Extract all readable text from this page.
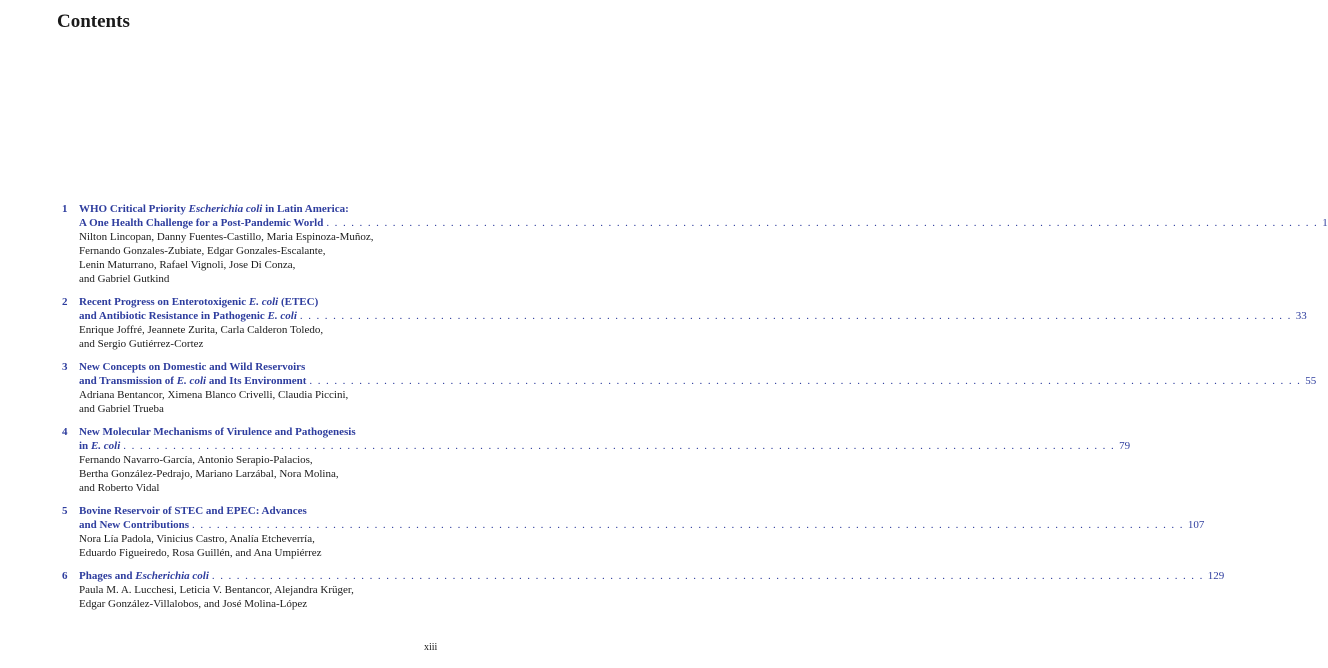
Contents
1 WHO Critical Priority Escherichia coli in Latin America:
A One Health Challenge for a Post-Pandemic World . . . . . . . . . . . . . . . . . . . . . . . . . . . . . . . . . . . . . . . . . . . . . . . . . . . . . . . . . . . . . . . . . . . . . . . . . . . . . . . . . . . . . . . . . . . . . . . . . . . . . . . . . . . . . . . . . . . . . . . . 1
Nilton Lincopan, Danny Fuentes-Castillo, Maria Espinoza-Muñoz,
Fernando Gonzales-Zubiate, Edgar Gonzales-Escalante,
Lenin Maturrano, Rafael Vignoli, Jose Di Conza,
and Gabriel Gutkind
2 Recent Progress on Enterotoxigenic E. coli (ETEC)
and Antibiotic Resistance in Pathogenic E. coli . . . . . . . . . . . . . . . . . . . . . . . . . . . . . . . . . . . . . . . . . . . . . . . . . . . . . . . . . . . . . . . . . . . . . . . . . . . . . . . . . . . . . . . . . . . . . . . . . . . . . . . . . . . . . . . . . . . . . . . . 33
Enrique Joffré, Jeannete Zurita, Carla Calderon Toledo,
and Sergio Gutiérrez-Cortez
3 New Concepts on Domestic and Wild Reservoirs
and Transmission of E. coli and Its Environment . . . . . . . . . . . . . . . . . . . . . . . . . . . . . . . . . . . . . . . . . . . . . . . . . . . . . . . . . . . . . . . . . . . . . . . . . . . . . . . . . . . . . . . . . . . . . . . . . . . . . . . . . . . . . . . . . . . . . . . . 55
Adriana Bentancor, Ximena Blanco Crivelli, Claudia Piccini,
and Gabriel Trueba
4 New Molecular Mechanisms of Virulence and Pathogenesis
in E. coli . . . . . . . . . . . . . . . . . . . . . . . . . . . . . . . . . . . . . . . . . . . . . . . . . . . . . . . . . . . . . . . . . . . . . . . . . . . . . . . . . . . . . . . . . . . . . . . . . . . . . . . . . . . . . . . . . . . . . . . . 79
Fernando Navarro-García, Antonio Serapio-Palacios,
Bertha González-Pedrajo, Mariano Larzábal, Nora Molina,
and Roberto Vidal
5 Bovine Reservoir of STEC and EPEC: Advances
and New Contributions . . . . . . . . . . . . . . . . . . . . . . . . . . . . . . . . . . . . . . . . . . . . . . . . . . . . . . . . . . . . . . . . . . . . . . . . . . . . . . . . . . . . . . . . . . . . . . . . . . . . . . . . . . . . . . . . . . . . . . . . 107
Nora Lía Padola, Vinicius Castro, Analía Etcheverría,
Eduardo Figueiredo, Rosa Guillén, and Ana Umpiérrez
6 Phages and Escherichia coli . . . . . . . . . . . . . . . . . . . . . . . . . . . . . . . . . . . . . . . . . . . . . . . . . . . . . . . . . . . . . . . . . . . . . . . . . . . . . . . . . . . . . . . . . . . . . . . . . . . . . . . . . . . . . . . . . . . . . . . . 129
Paula M. A. Lucchesi, Leticia V. Bentancor, Alejandra Krüger,
Edgar González-Villalobos, and José Molina-López
xiii
